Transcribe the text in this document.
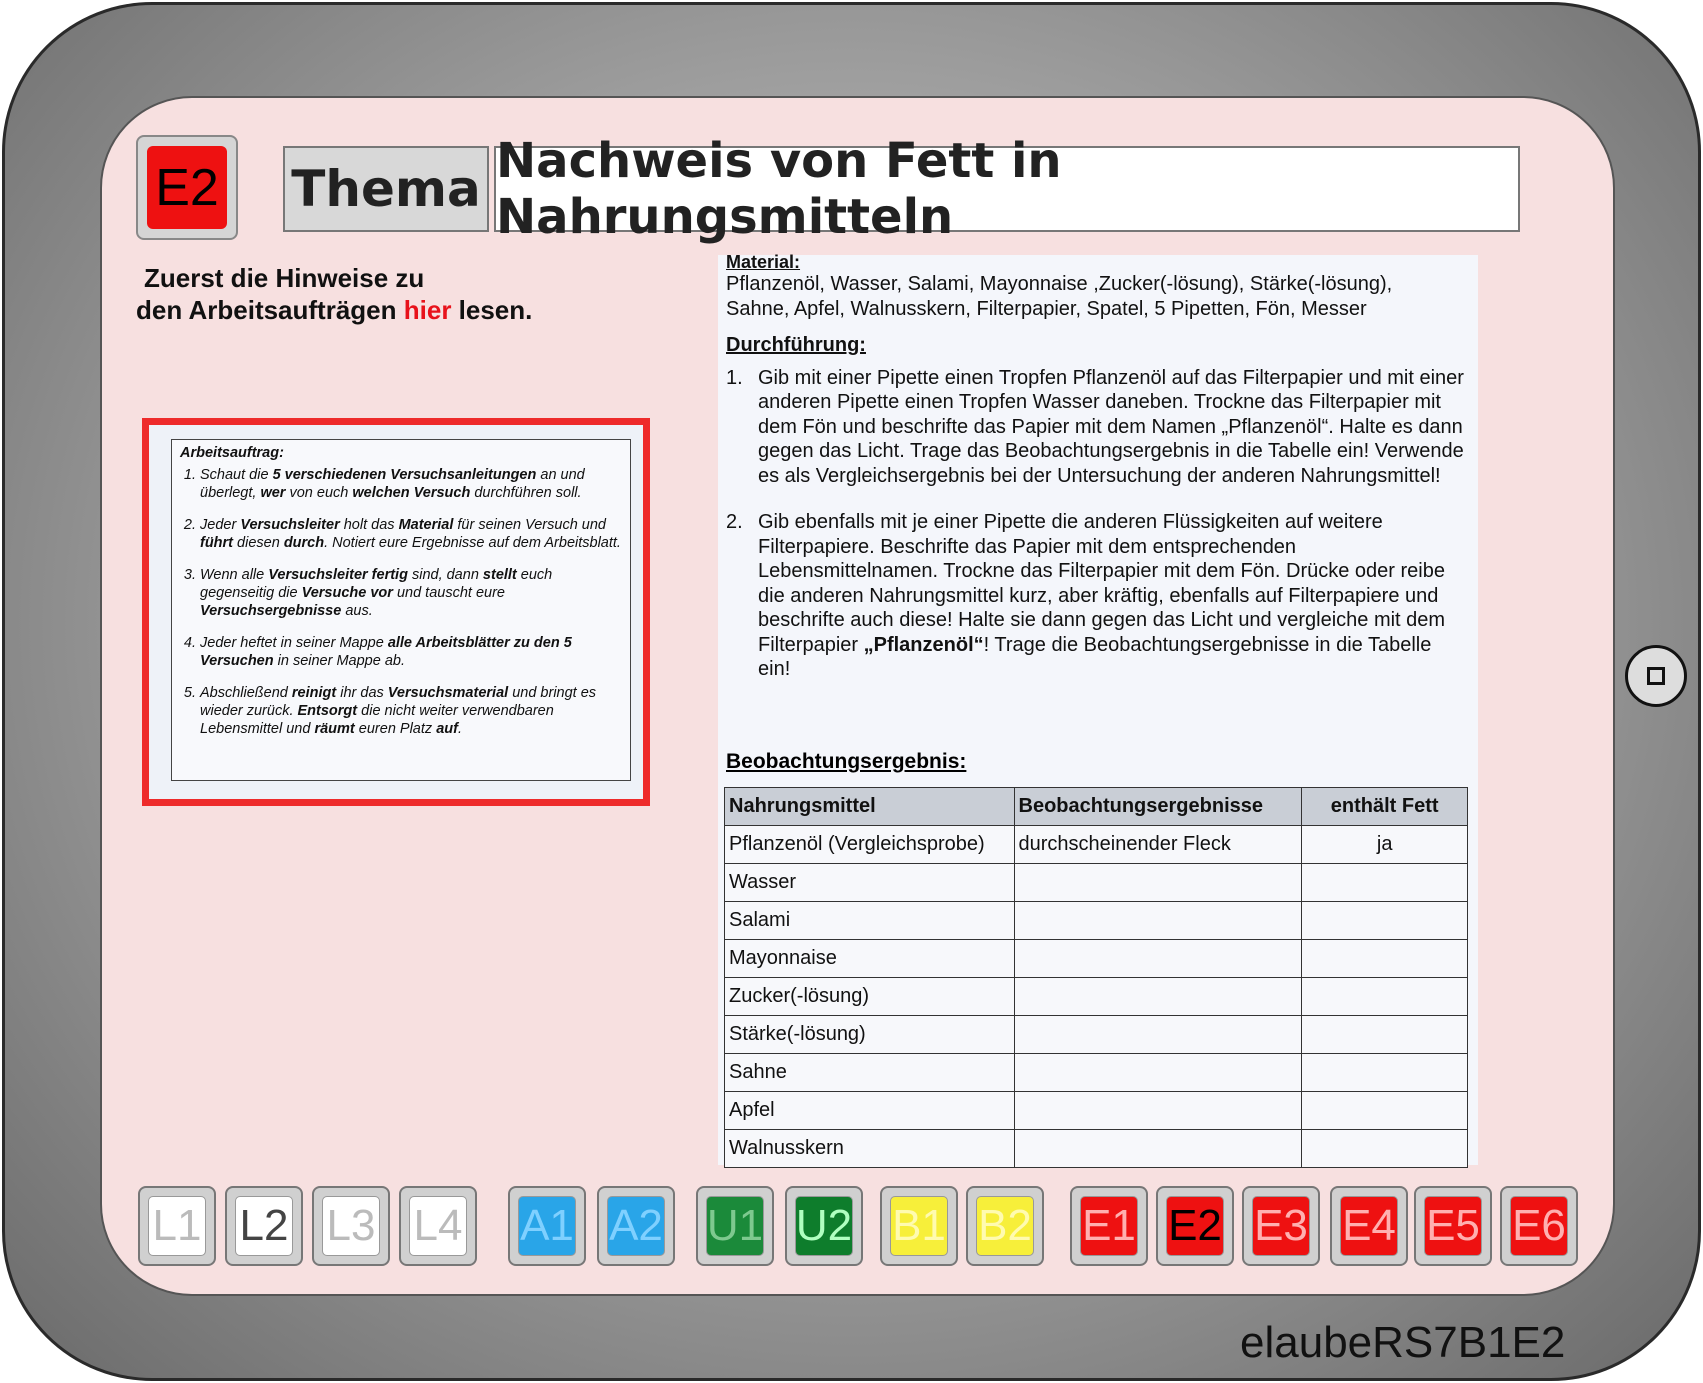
E2 Thema Nachweis von Fett in Nahrungsmitteln
Zuerst die Hinweise zu
den Arbeitsaufträgen hier lesen.
Arbeitsauftrag:
1. Schaut die 5 verschiedenen Versuchsanleitungen an und überlegt, wer von euch welchen Versuch durchführen soll.
2. Jeder Versuchsleiter holt das Material für seinen Versuch und führt diesen durch. Notiert eure Ergebnisse auf dem Arbeitsblatt.
3. Wenn alle Versuchsleiter fertig sind, dann stellt euch gegenseitig die Versuche vor und tauscht eure Versuchsergebnisse aus.
4. Jeder heftet in seiner Mappe alle Arbeitsblätter zu den 5 Versuchen in seiner Mappe ab.
5. Abschließend reinigt ihr das Versuchsmaterial und bringt es wieder zurück. Entsorgt die nicht weiter verwendbaren Lebensmittel und räumt euren Platz auf.
Material:
Pflanzenöl, Wasser, Salami, Mayonnaise ,Zucker(-lösung), Stärke(-lösung), Sahne, Apfel, Walnusskern, Filterpapier, Spatel, 5 Pipetten, Fön, Messer
Durchführung:
1. Gib mit einer Pipette einen Tropfen Pflanzenöl auf das Filterpapier und mit einer anderen Pipette einen Tropfen Wasser daneben. Trockne das Filterpapier mit dem Fön und beschrifte das Papier mit dem Namen „Pflanzenöl“. Halte es dann gegen das Licht. Trage das Beobachtungsergebnis in die Tabelle ein! Verwende es als Vergleichsergebnis bei der Untersuchung der anderen Nahrungsmittel!
2. Gib ebenfalls mit je einer Pipette die anderen Flüssigkeiten auf weitere Filterpapiere. Beschrifte das Papier mit dem entsprechenden Lebensmittelnamen. Trockne das Filterpapier mit dem Fön. Drücke oder reibe die anderen Nahrungsmittel kurz, aber kräftig, ebenfalls auf Filterpapiere und beschrifte auch diese! Halte sie dann gegen das Licht und vergleiche mit dem Filterpapier „Pflanzenöl“! Trage die Beobachtungsergebnisse in die Tabelle ein!
Beobachtungsergebnis:
Nahrungsmittel	Beobachtungsergebnisse	enthält Fett
Pflanzenöl (Vergleichsprobe)	durchscheinender Fleck	ja
Wasser		
Salami		
Mayonnaise		
Zucker(-lösung)		
Stärke(-lösung)		
Sahne		
Apfel		
Walnusskern		
L1 L2 L3 L4 A1 A2 U1 U2 B1 B2 E1 E2 E3 E4 E5 E6
elaubeRS7B1E2
